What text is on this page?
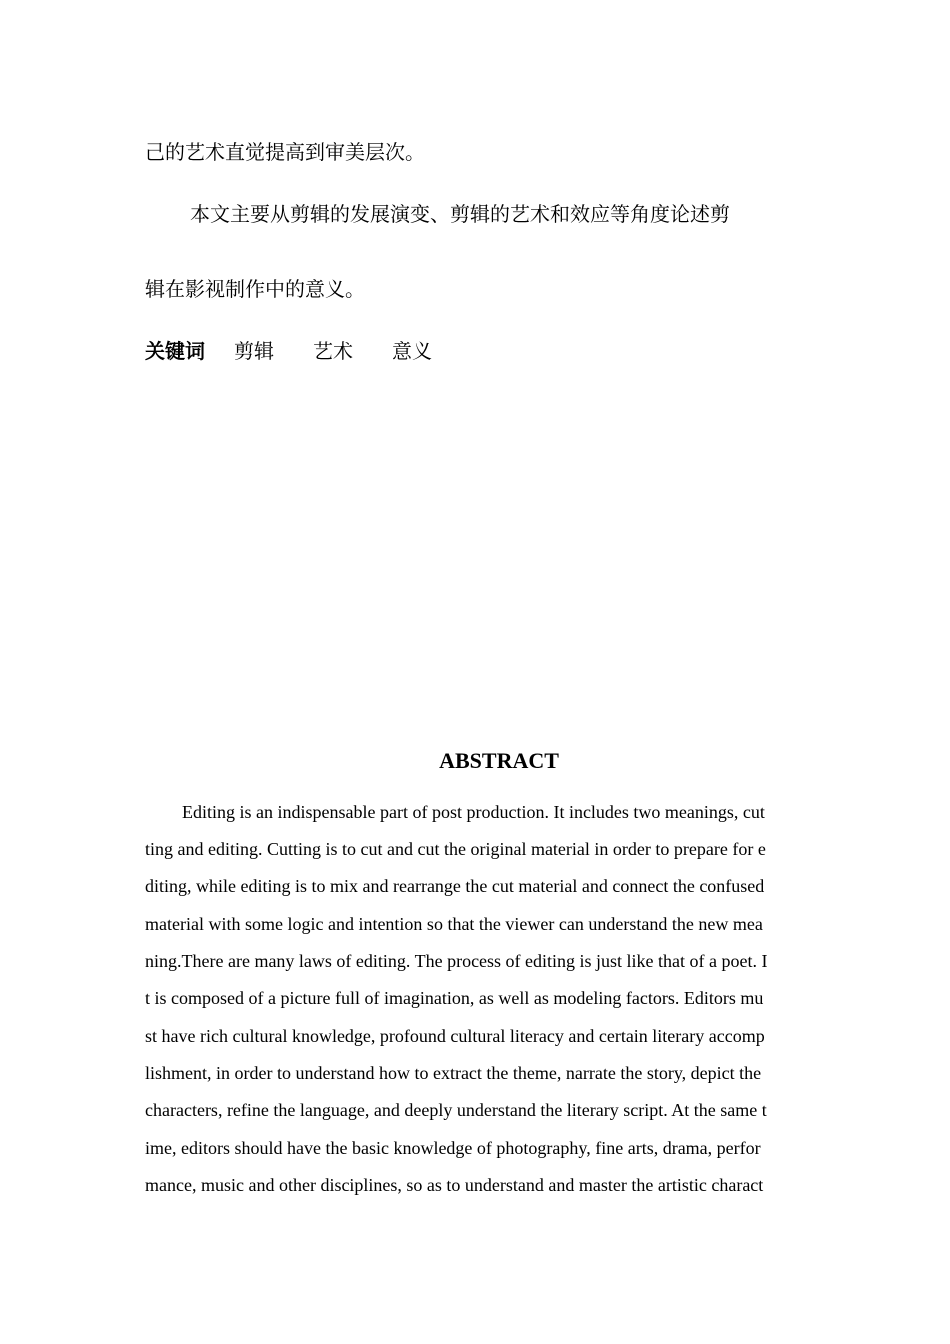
己的艺术直觉提高到审美层次。
本文主要从剪辑的发展演变、剪辑的艺术和效应等角度论述剪
辑在影视制作中的意义。
关键词 剪辑 艺术 意义
ABSTRACT
Editing is an indispensable part of post production. It includes two meanings, cut
ting and editing. Cutting is to cut and cut the original material in order to prepare for e
diting, while editing is to mix and rearrange the cut material and connect the confused
material with some logic and intention so that the viewer can understand the new mea
ning.There are many laws of editing. The process of editing is just like that of a poet. I
t is composed of a picture full of imagination, as well as modeling factors. Editors mu
st have rich cultural knowledge, profound cultural literacy and certain literary accomp
lishment, in order to understand how to extract the theme, narrate the story, depict the
characters, refine the language, and deeply understand the literary script. At the same t
ime, editors should have the basic knowledge of photography, fine arts, drama, perfor
mance, music and other disciplines, so as to understand and master the artistic charact
